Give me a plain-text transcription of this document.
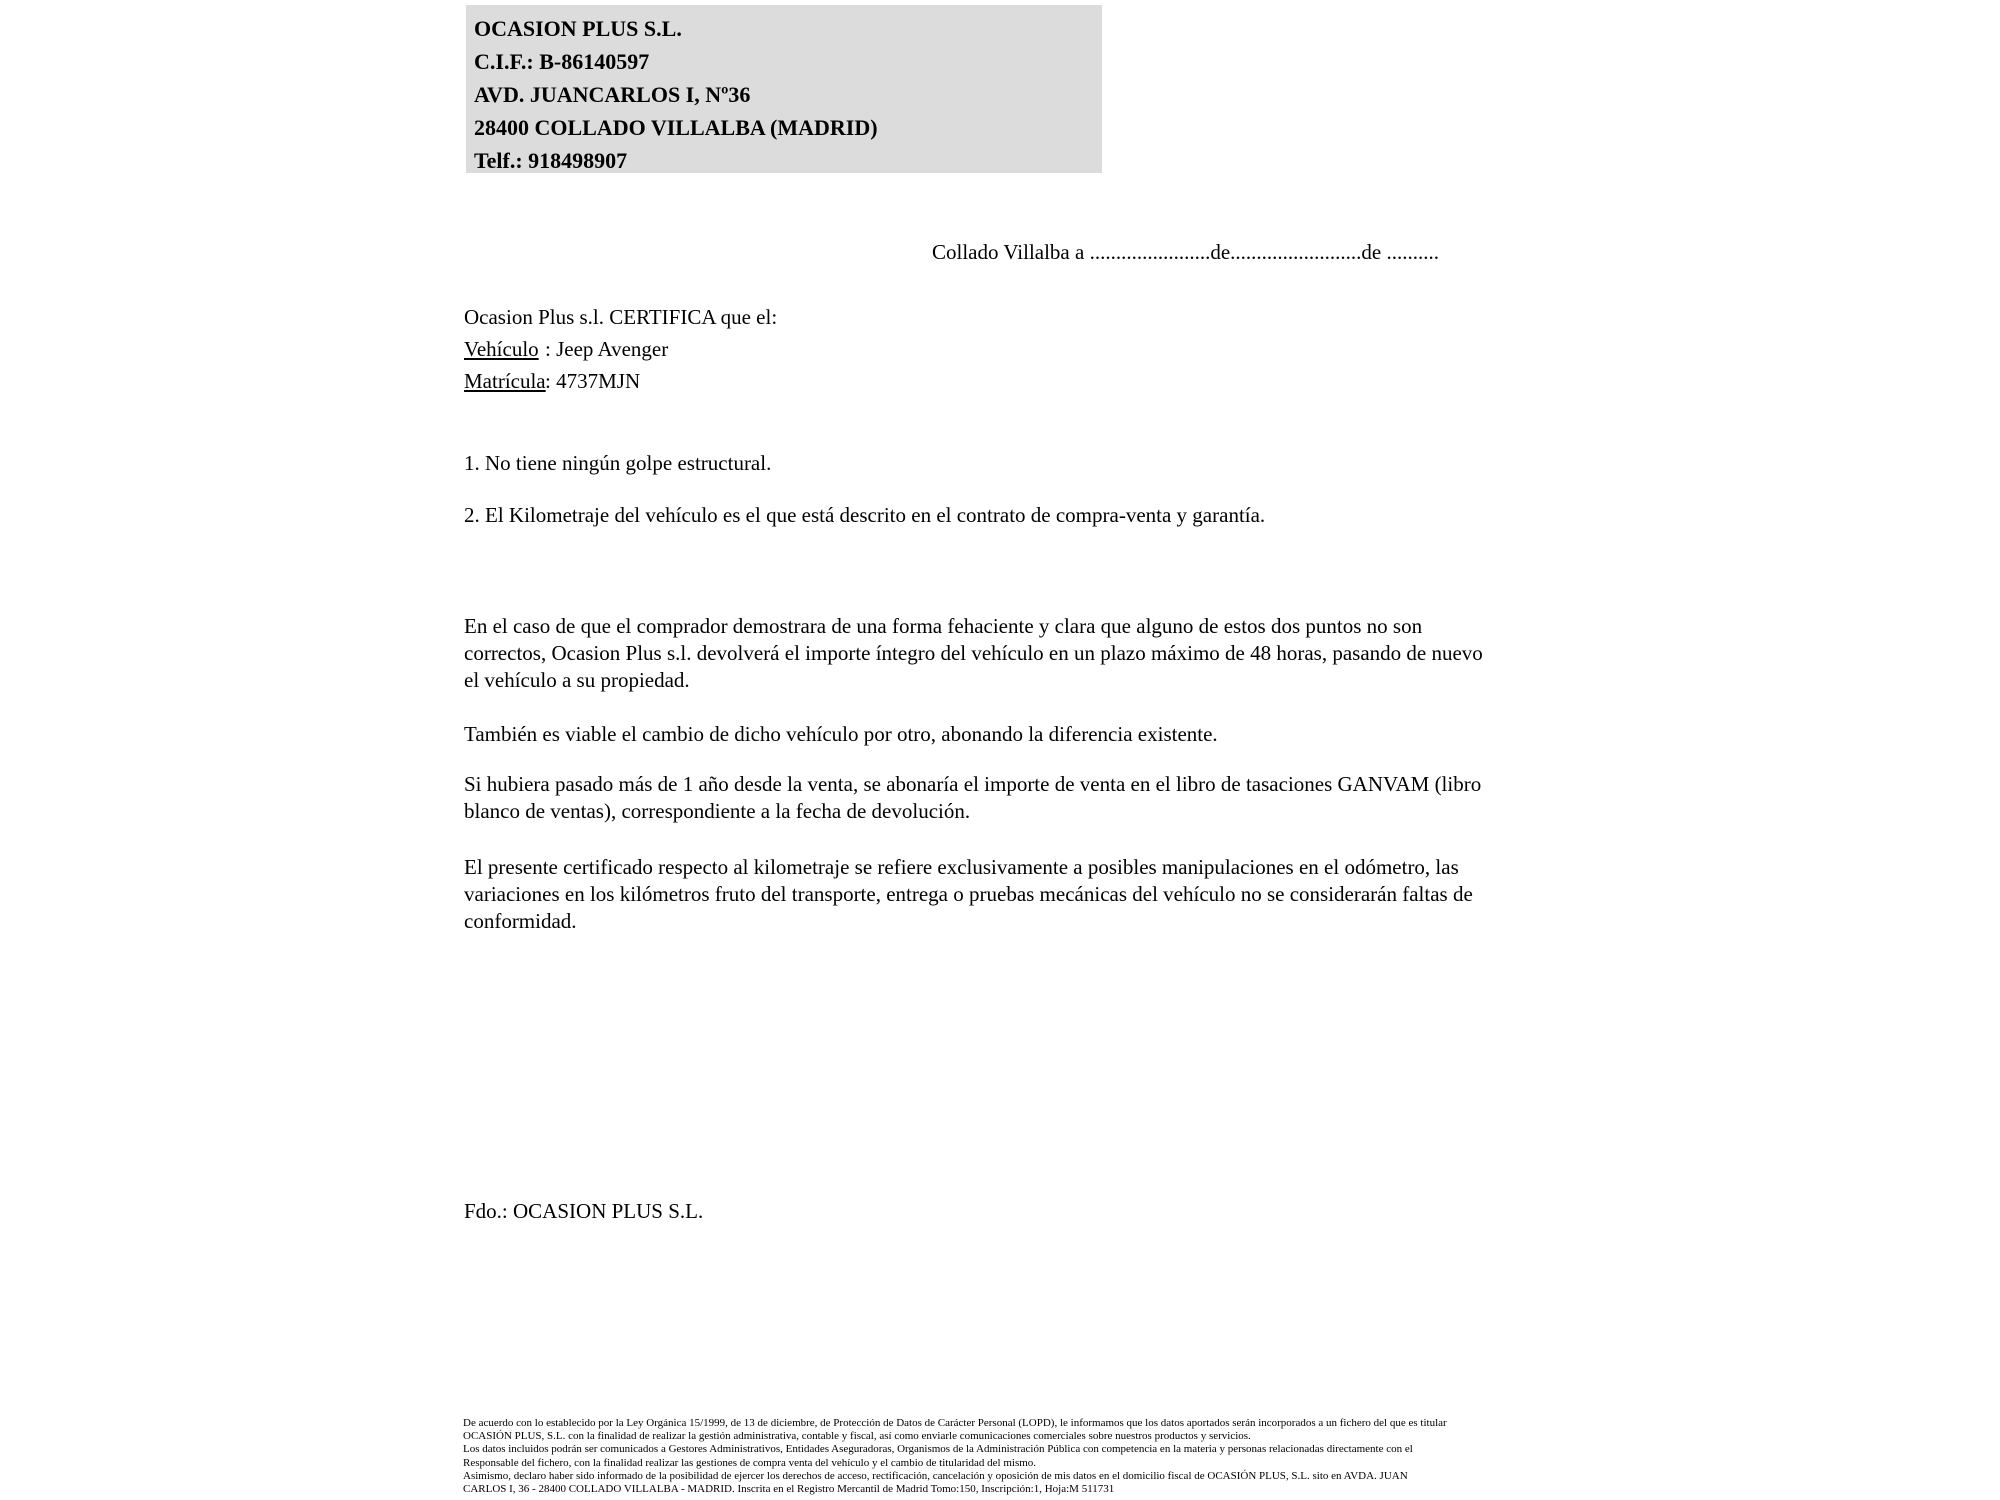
OCASION PLUS S.L.
C.I.F.: B-86140597
AVD. JUANCARLOS I, Nº36
28400 COLLADO VILLALBA (MADRID)
Telf.: 918498907
Collado Villalba a .......................de.........................de ..........
Ocasion Plus s.l. CERTIFICA que el:
Vehículo : Jeep Avenger
Matrícula: 4737MJN
1. No tiene ningún golpe estructural.
2. El Kilometraje del vehículo es el que está descrito en el contrato de compra-venta y garantía.
En el caso de que el comprador demostrara de una forma fehaciente y clara que alguno de estos dos puntos no son correctos, Ocasion Plus s.l. devolverá el importe íntegro del vehículo en un plazo máximo de 48 horas, pasando de nuevo el vehículo a su propiedad.
También es viable el cambio de dicho vehículo por otro, abonando la diferencia existente.
Si hubiera pasado más de 1 año desde la venta, se abonaría el importe de venta en el libro de tasaciones GANVAM (libro blanco de ventas), correspondiente a la fecha de devolución.
El presente certificado respecto al kilometraje se refiere exclusivamente a posibles manipulaciones en el odómetro, las variaciones en los kilómetros fruto del transporte, entrega o pruebas mecánicas del vehículo no se considerarán faltas de conformidad.
Fdo.: OCASION PLUS S.L.
De acuerdo con lo establecido por la Ley Orgánica 15/1999, de 13 de diciembre, de Protección de Datos de Carácter Personal (LOPD), le informamos que los datos aportados serán incorporados a un fichero del que es titular
OCASIÓN PLUS, S.L. con la finalidad de realizar la gestión administrativa, contable y fiscal, así como enviarle comunicaciones comerciales sobre nuestros productos y servicios.
Los datos incluidos podrán ser comunicados a Gestores Administrativos, Entidades Aseguradoras, Organismos de la Administración Pública con competencia en la materia y personas relacionadas directamente con el
Responsable del fichero, con la finalidad realizar las gestiones de compra venta del vehículo y el cambio de titularidad del mismo.
Asimismo, declaro haber sido informado de la posibilidad de ejercer los derechos de acceso, rectificación, cancelación y oposición de mis datos en el domicilio fiscal de OCASIÓN PLUS, S.L. sito en AVDA. JUAN
CARLOS I, 36 - 28400 COLLADO VILLALBA - MADRID. Inscrita en el Registro Mercantil de Madrid Tomo:150, Inscripción:1, Hoja:M 511731
